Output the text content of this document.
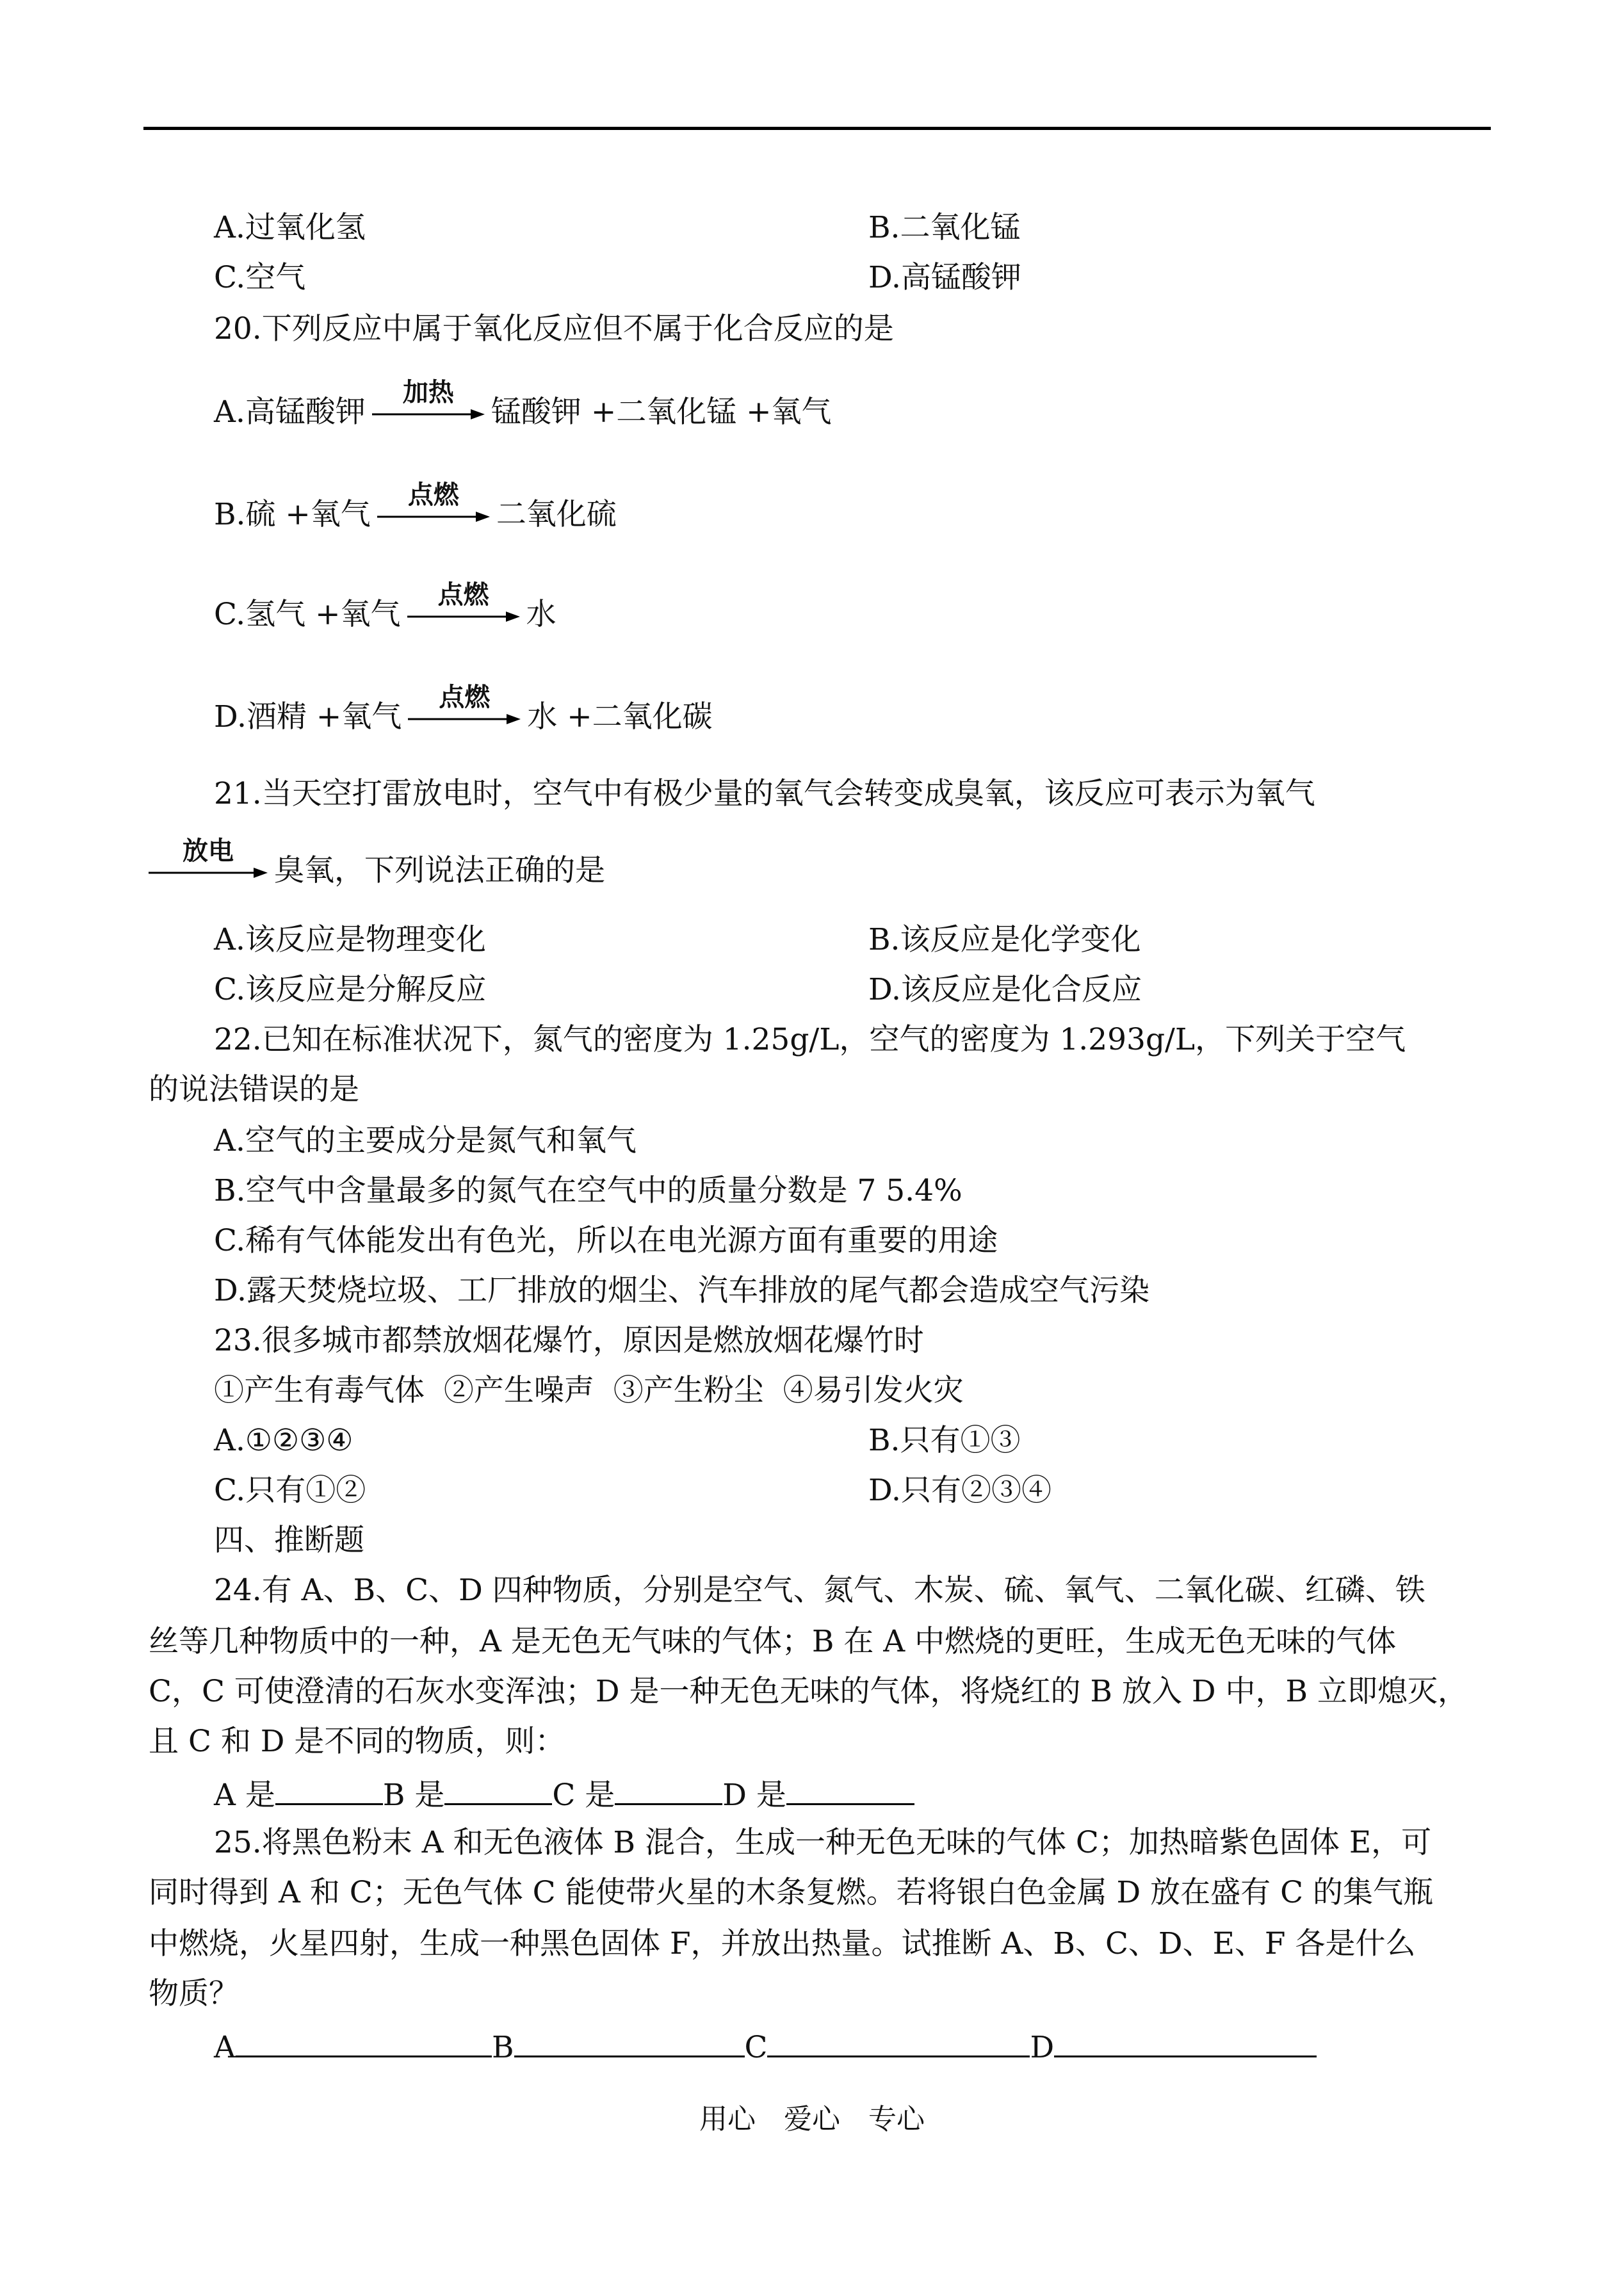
A.过氧化氢	B.二氧化锰
C.空气	D.高锰酸钾
20.下列反应中属于氧化反应但不属于化合反应的是
A.高锰酸钾
加热
锰酸钾 +二氧化锰 +氧气
B.硫 +氧气
点燃
二氧化硫
C.氢气 +氧气
点燃
水
D.酒精 +氧气
点燃
水 +二氧化碳
21.当天空打雷放电时，空气中有极少量的氧气会转变成臭氧，该反应可表示为氧气
放电
臭氧，下列说法正确的是
A.该反应是物理变化	B.该反应是化学变化
C.该反应是分解反应	D.该反应是化合反应
22.已知在标准状况下，氮气的密度为 1.25g/L，空气的密度为 1.293g/L，下列关于空气
的说法错误的是
A.空气的主要成分是氮气和氧气
B.空气中含量最多的氮气在空气中的质量分数是 7 5.4%
C.稀有气体能发出有色光，所以在电光源方面有重要的用途
D.露天焚烧垃圾、工厂排放的烟尘、汽车排放的尾气都会造成空气污染
23.很多城市都禁放烟花爆竹，原因是燃放烟花爆竹时
①产生有毒气体  ②产生噪声  ③产生粉尘  ④易引发火灾
A.①②③④	B.只有①③
C.只有①②	D.只有②③④
四、推断题
24.有 A、B、C、D 四种物质，分别是空气、氮气、木炭、硫、氧气、二氧化碳、红磷、铁
丝等几种物质中的一种，A 是无色无气味的气体；B 在 A 中燃烧的更旺，生成无色无味的气体
C，C 可使澄清的石灰水变浑浊；D 是一种无色无味的气体，将烧红的 B 放入 D 中，B 立即熄灭，
且 C 和 D 是不同的物质，则：
A 是	B 是	C 是	D 是
25.将黑色粉末 A 和无色液体 B 混合，生成一种无色无味的气体 C；加热暗紫色固体 E，可
同时得到 A 和 C；无色气体 C 能使带火星的木条复燃。若将银白色金属 D 放在盛有 C 的集气瓶
中燃烧，火星四射，生成一种黑色固体 F，并放出热量。试推断 A、B、C、D、E、F 各是什么
物质？
A	B	C	D
用心 爱心 专心
